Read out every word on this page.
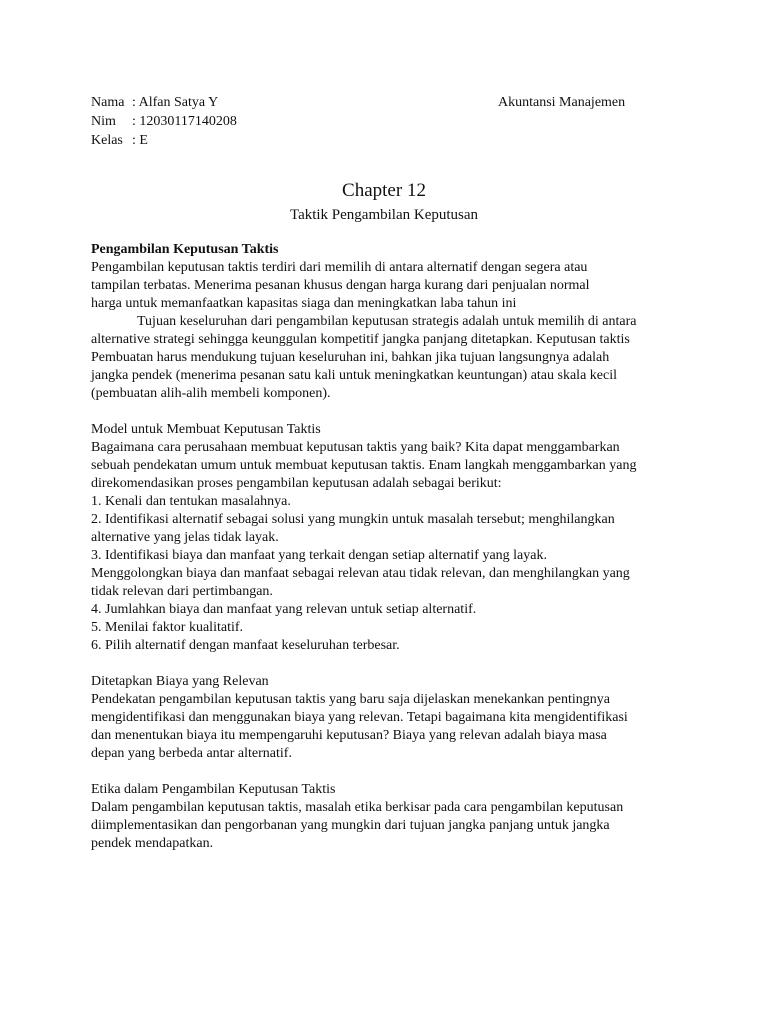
Nama : Alfan Satya Y	Akuntansi Manajemen
Nim : 12030117140208
Kelas : E
Chapter 12
Taktik Pengambilan Keputusan
Pengambilan Keputusan Taktis
Pengambilan keputusan taktis terdiri dari memilih di antara alternatif dengan segera atau
tampilan terbatas. Menerima pesanan khusus dengan harga kurang dari penjualan normal
harga untuk memanfaatkan kapasitas siaga dan meningkatkan laba tahun ini
Tujuan keseluruhan dari pengambilan keputusan strategis adalah untuk memilih di antara
alternative strategi sehingga keunggulan kompetitif jangka panjang ditetapkan. Keputusan taktis
Pembuatan harus mendukung tujuan keseluruhan ini, bahkan jika tujuan langsungnya adalah
jangka pendek (menerima pesanan satu kali untuk meningkatkan keuntungan) atau skala kecil
(pembuatan alih-alih membeli komponen).
Model untuk Membuat Keputusan Taktis
Bagaimana cara perusahaan membuat keputusan taktis yang baik? Kita dapat menggambarkan
sebuah pendekatan umum untuk membuat keputusan taktis. Enam langkah menggambarkan yang
direkomendasikan proses pengambilan keputusan adalah sebagai berikut:
1. Kenali dan tentukan masalahnya.
2. Identifikasi alternatif sebagai solusi yang mungkin untuk masalah tersebut; menghilangkan
alternative yang jelas tidak layak.
3. Identifikasi biaya dan manfaat yang terkait dengan setiap alternatif yang layak.
Menggolongkan biaya dan manfaat sebagai relevan atau tidak relevan, dan menghilangkan yang
tidak relevan dari pertimbangan.
4. Jumlahkan biaya dan manfaat yang relevan untuk setiap alternatif.
5. Menilai faktor kualitatif.
6. Pilih alternatif dengan manfaat keseluruhan terbesar.
Ditetapkan Biaya yang Relevan
Pendekatan pengambilan keputusan taktis yang baru saja dijelaskan menekankan pentingnya
mengidentifikasi dan menggunakan biaya yang relevan. Tetapi bagaimana kita mengidentifikasi
dan menentukan biaya itu mempengaruhi keputusan? Biaya yang relevan adalah biaya masa
depan yang berbeda antar alternatif.
Etika dalam Pengambilan Keputusan Taktis
Dalam pengambilan keputusan taktis, masalah etika berkisar pada cara pengambilan keputusan
diimplementasikan dan pengorbanan yang mungkin dari tujuan jangka panjang untuk jangka
pendek mendapatkan.
